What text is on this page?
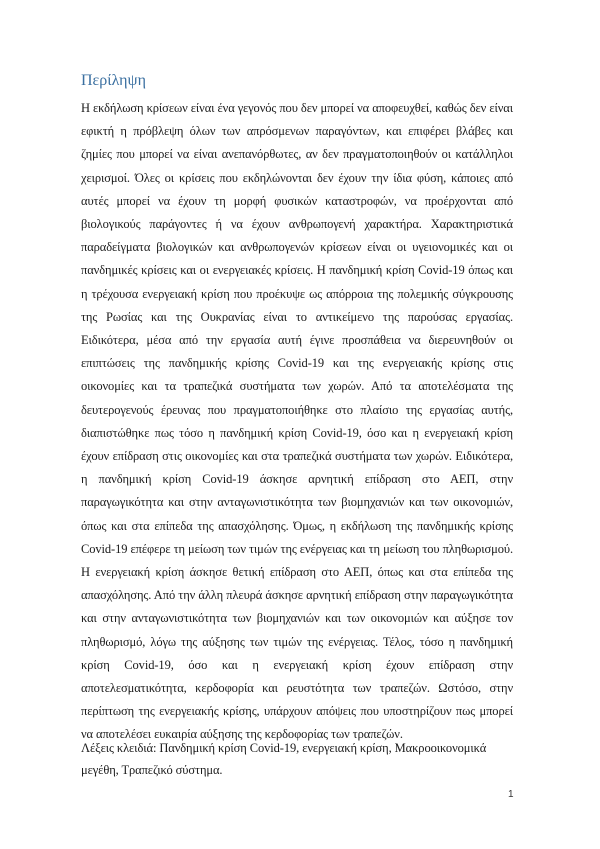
Περίληψη

Η εκδήλωση κρίσεων είναι ένα γεγονός που δεν μπορεί να αποφευχθεί, καθώς δεν είναι εφικτή η πρόβλεψη όλων των απρόσμενων παραγόντων, και επιφέρει βλάβες και ζημίες που μπορεί να είναι ανεπανόρθωτες, αν δεν πραγματοποιηθούν οι κατάλληλοι χειρισμοί. Όλες οι κρίσεις που εκδηλώνονται δεν έχουν την ίδια φύση, κάποιες από αυτές μπορεί να έχουν τη μορφή φυσικών καταστροφών, να προέρχονται από βιολογικούς παράγοντες ή να έχουν ανθρωπογενή χαρακτήρα. Χαρακτηριστικά παραδείγματα βιολογικών και ανθρωπογενών κρίσεων είναι οι υγειονομικές και οι πανδημικές κρίσεις και οι ενεργειακές κρίσεις. Η πανδημική κρίση Covid-19 όπως και η τρέχουσα ενεργειακή κρίση που προέκυψε ως απόρροια της πολεμικής σύγκρουσης της Ρωσίας και της Ουκρανίας είναι το αντικείμενο της παρούσας εργασίας. Ειδικότερα, μέσα από την εργασία αυτή έγινε προσπάθεια να διερευνηθούν οι επιπτώσεις της πανδημικής κρίσης Covid-19 και της ενεργειακής κρίσης στις οικονομίες και τα τραπεζικά συστήματα των χωρών. Από τα αποτελέσματα της δευτερογενούς έρευνας που πραγματοποιήθηκε στο πλαίσιο της εργασίας αυτής, διαπιστώθηκε πως τόσο η πανδημική κρίση Covid-19, όσο και η ενεργειακή κρίση έχουν επίδραση στις οικονομίες και στα τραπεζικά συστήματα των χωρών. Ειδικότερα, η πανδημική κρίση Covid-19 άσκησε αρνητική επίδραση στο ΑΕΠ, στην παραγωγικότητα και στην ανταγωνιστικότητα των βιομηχανιών και των οικονομιών, όπως και στα επίπεδα της απασχόλησης. Όμως, η εκδήλωση της πανδημικής κρίσης Covid-19 επέφερε τη μείωση των τιμών της ενέργειας και τη μείωση του πληθωρισμού. Η ενεργειακή κρίση άσκησε θετική επίδραση στο ΑΕΠ, όπως και στα επίπεδα της απασχόλησης. Από την άλλη πλευρά άσκησε αρνητική επίδραση στην παραγωγικότητα και στην ανταγωνιστικότητα των βιομηχανιών και των οικονομιών και αύξησε τον πληθωρισμό, λόγω της αύξησης των τιμών της ενέργειας. Τέλος, τόσο η πανδημική κρίση Covid-19, όσο και η ενεργειακή κρίση έχουν επίδραση στην αποτελεσματικότητα, κερδοφορία και ρευστότητα των τραπεζών. Ωστόσο, στην περίπτωση της ενεργειακής κρίσης, υπάρχουν απόψεις που υποστηρίζουν πως μπορεί να αποτελέσει ευκαιρία αύξησης της κερδοφορίας των τραπεζών.

Λέξεις κλειδιά: Πανδημική κρίση Covid-19, ενεργειακή κρίση, Μακροοικονομικά μεγέθη, Τραπεζικό σύστημα.

1
